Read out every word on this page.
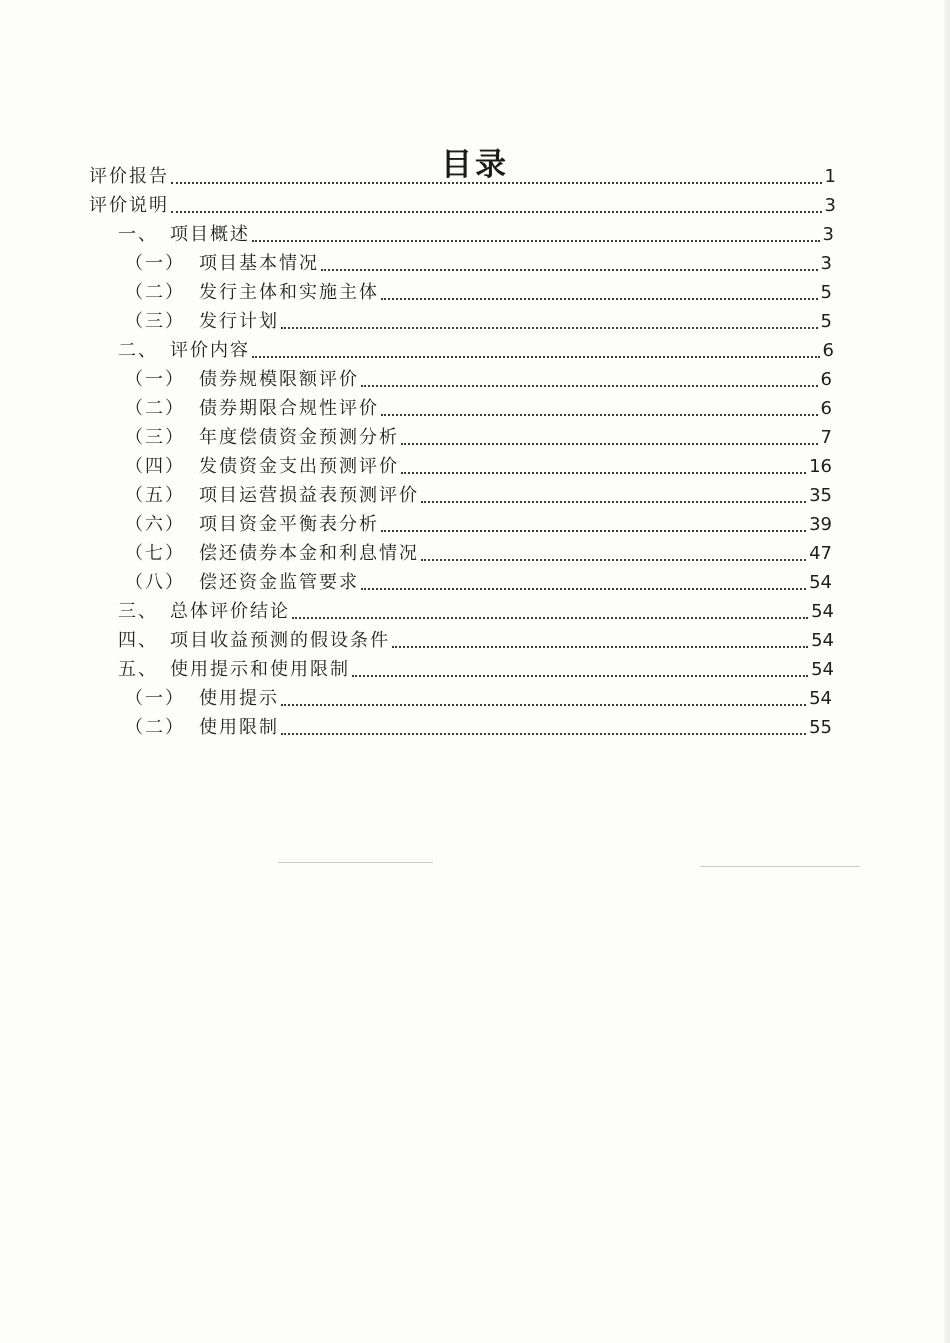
目录
评价报告	1
评价说明	3
一、 项目概述	3
（一） 项目基本情况	3
（二） 发行主体和实施主体	5
（三） 发行计划	5
二、 评价内容	6
（一） 债券规模限额评价	6
（二） 债券期限合规性评价	6
（三） 年度偿债资金预测分析	7
（四） 发债资金支出预测评价	16
（五） 项目运营损益表预测评价	35
（六） 项目资金平衡表分析	39
（七） 偿还债券本金和利息情况	47
（八） 偿还资金监管要求	54
三、 总体评价结论	54
四、 项目收益预测的假设条件	54
五、 使用提示和使用限制	54
（一） 使用提示	54
（二） 使用限制	55
